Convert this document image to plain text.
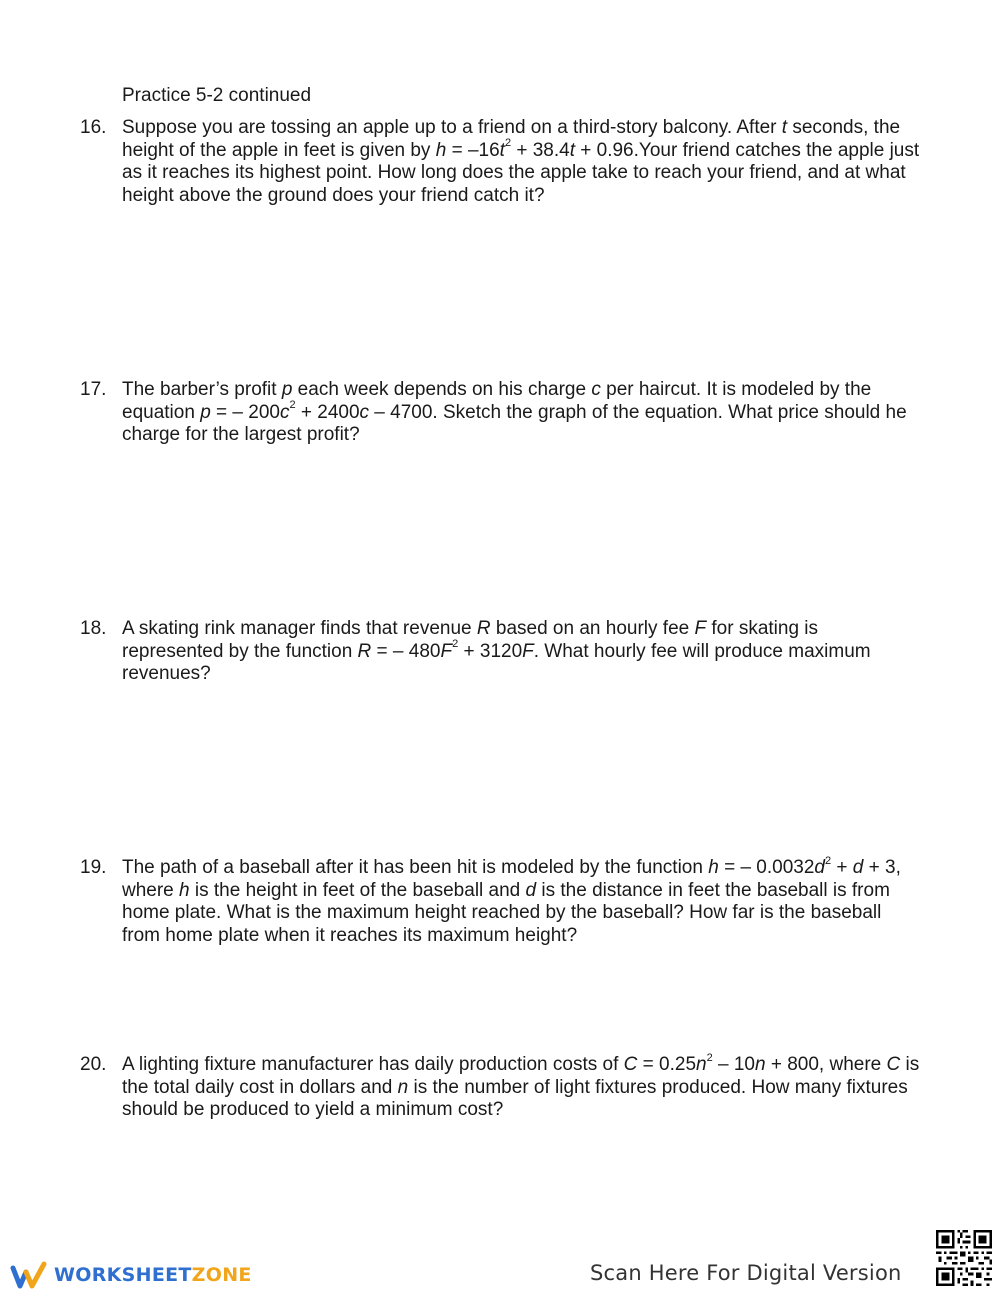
Practice 5-2 continued
16. Suppose you are tossing an apple up to a friend on a third-story balcony. After t seconds, the height of the apple in feet is given by $h = -16t^2 + 38.4t$ + 0.96.Your friend catches the apple just as it reaches its highest point. How long does the apple take to reach your friend, and at what height above the ground does your friend catch it?
17. The barber’s profit p each week depends on his charge c per haircut. It is modeled by the equation p = – $200c^2 + 2400c - 4700$. Sketch the graph of the equation. What price should he charge for the largest profit?
18. A skating rink manager finds that revenue R based on an hourly fee F for skating is represented by the function R = – $480F^2 + 3120F$. What hourly fee will produce maximum revenues?
19. The path of a baseball after it has been hit is modeled by the function h = – $0.0032d^2 + d + 3$, where h is the height in feet of the baseball and d is the distance in feet the baseball is from home plate. What is the maximum height reached by the baseball? How far is the baseball from home plate when it reaches its maximum height?
20. A lighting fixture manufacturer has daily production costs of $C = 0.25n^2 - 10n + 800$, where C is the total daily cost in dollars and n is the number of light fixtures produced. How many fixtures should be produced to yield a minimum cost?
WORKSHEETZONE	Scan Here For Digital Version
